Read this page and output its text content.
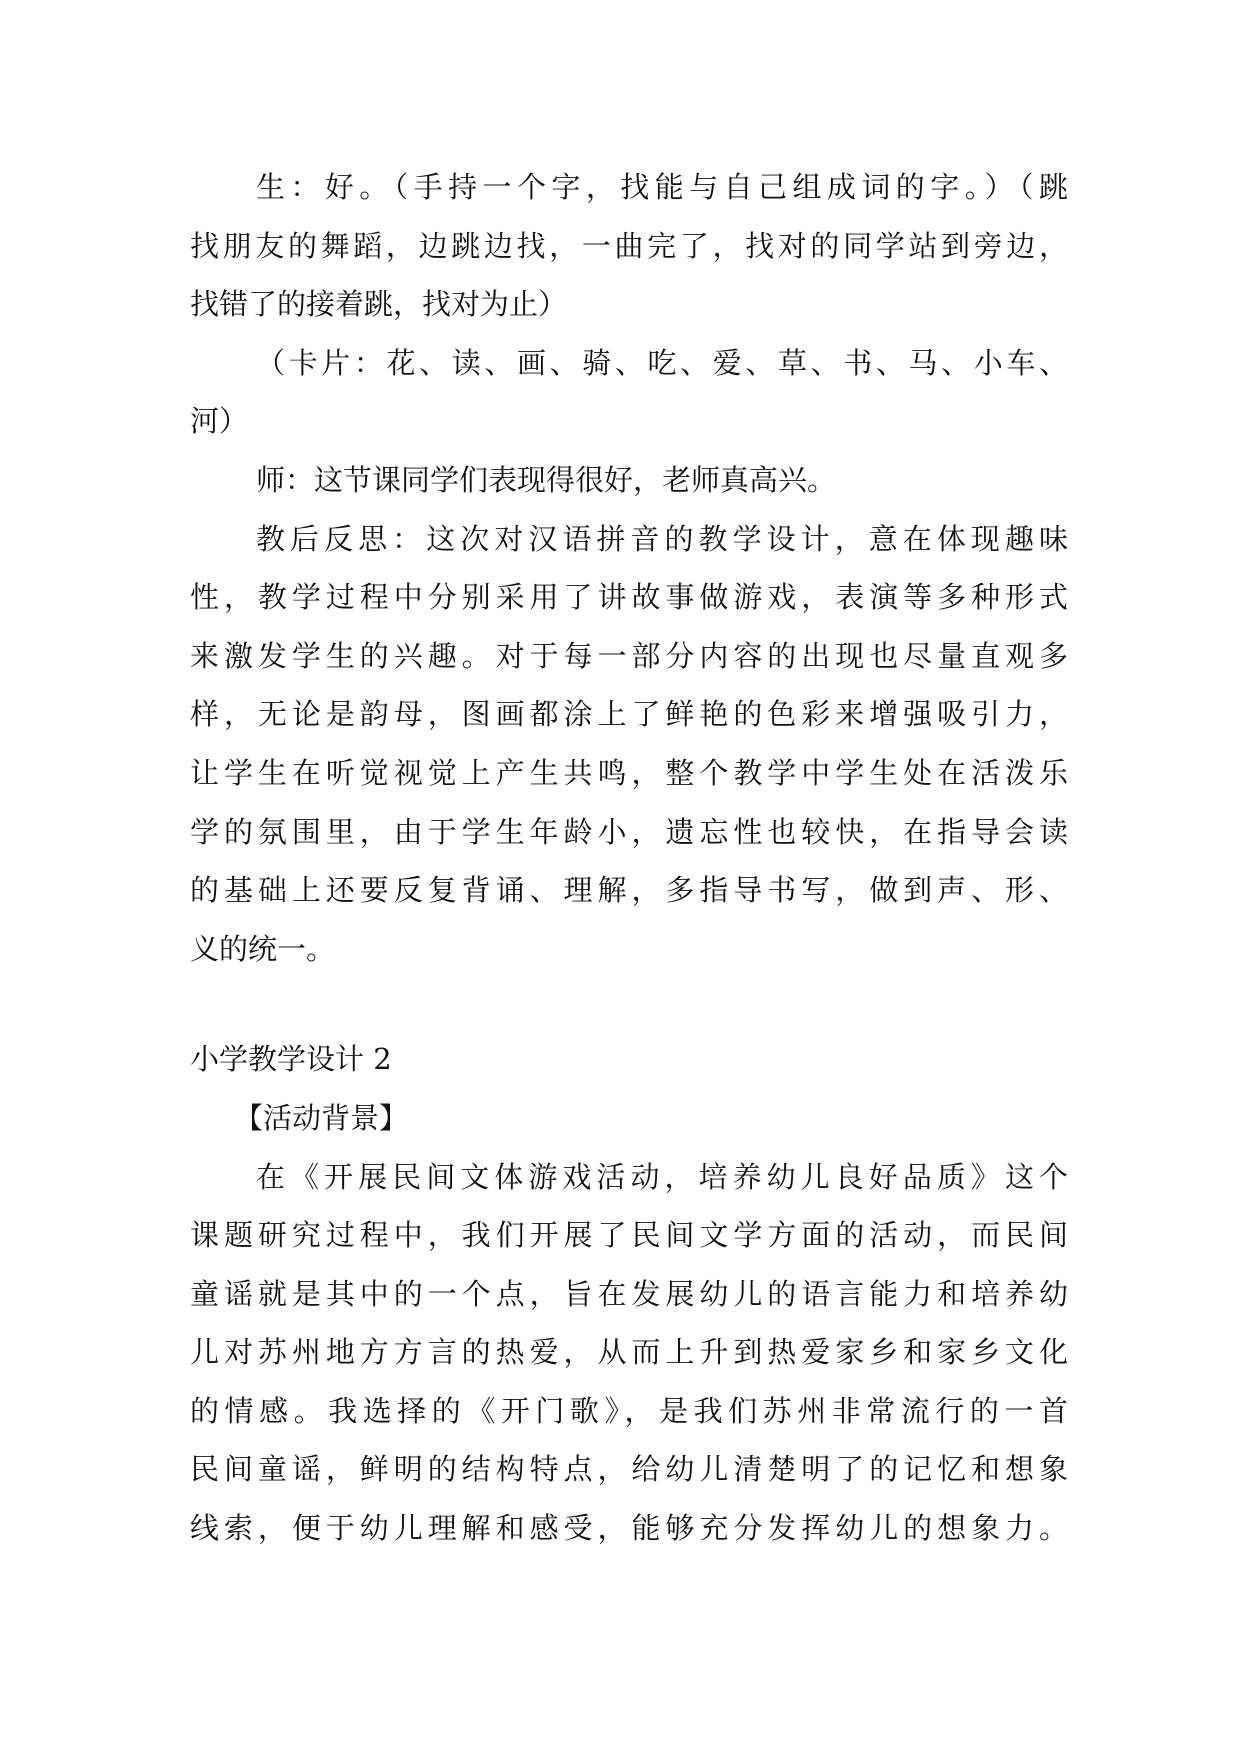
生：好。（手持一个字，找能与自己组成词的字。）（跳
找朋友的舞蹈，边跳边找，一曲完了，找对的同学站到旁边，
找错了的接着跳，找对为止）
（卡片：花、读、画、骑、吃、爱、草、书、马、小车、
河）
师：这节课同学们表现得很好，老师真高兴。
教后反思：这次对汉语拼音的教学设计，意在体现趣味
性，教学过程中分别采用了讲故事做游戏，表演等多种形式
来激发学生的兴趣。对于每一部分内容的出现也尽量直观多
样，无论是韵母，图画都涂上了鲜艳的色彩来增强吸引力，
让学生在听觉视觉上产生共鸣，整个教学中学生处在活泼乐
学的氛围里，由于学生年龄小，遗忘性也较快，在指导会读
的基础上还要反复背诵、理解，多指导书写，做到声、形、
义的统一。
小学教学设计 2
【活动背景】
在《开展民间文体游戏活动，培养幼儿良好品质》这个
课题研究过程中，我们开展了民间文学方面的活动，而民间
童谣就是其中的一个点，旨在发展幼儿的语言能力和培养幼
儿对苏州地方方言的热爱，从而上升到热爱家乡和家乡文化
的情感。我选择的《开门歌》，是我们苏州非常流行的一首
民间童谣，鲜明的结构特点，给幼儿清楚明了的记忆和想象
线索，便于幼儿理解和感受，能够充分发挥幼儿的想象力。
